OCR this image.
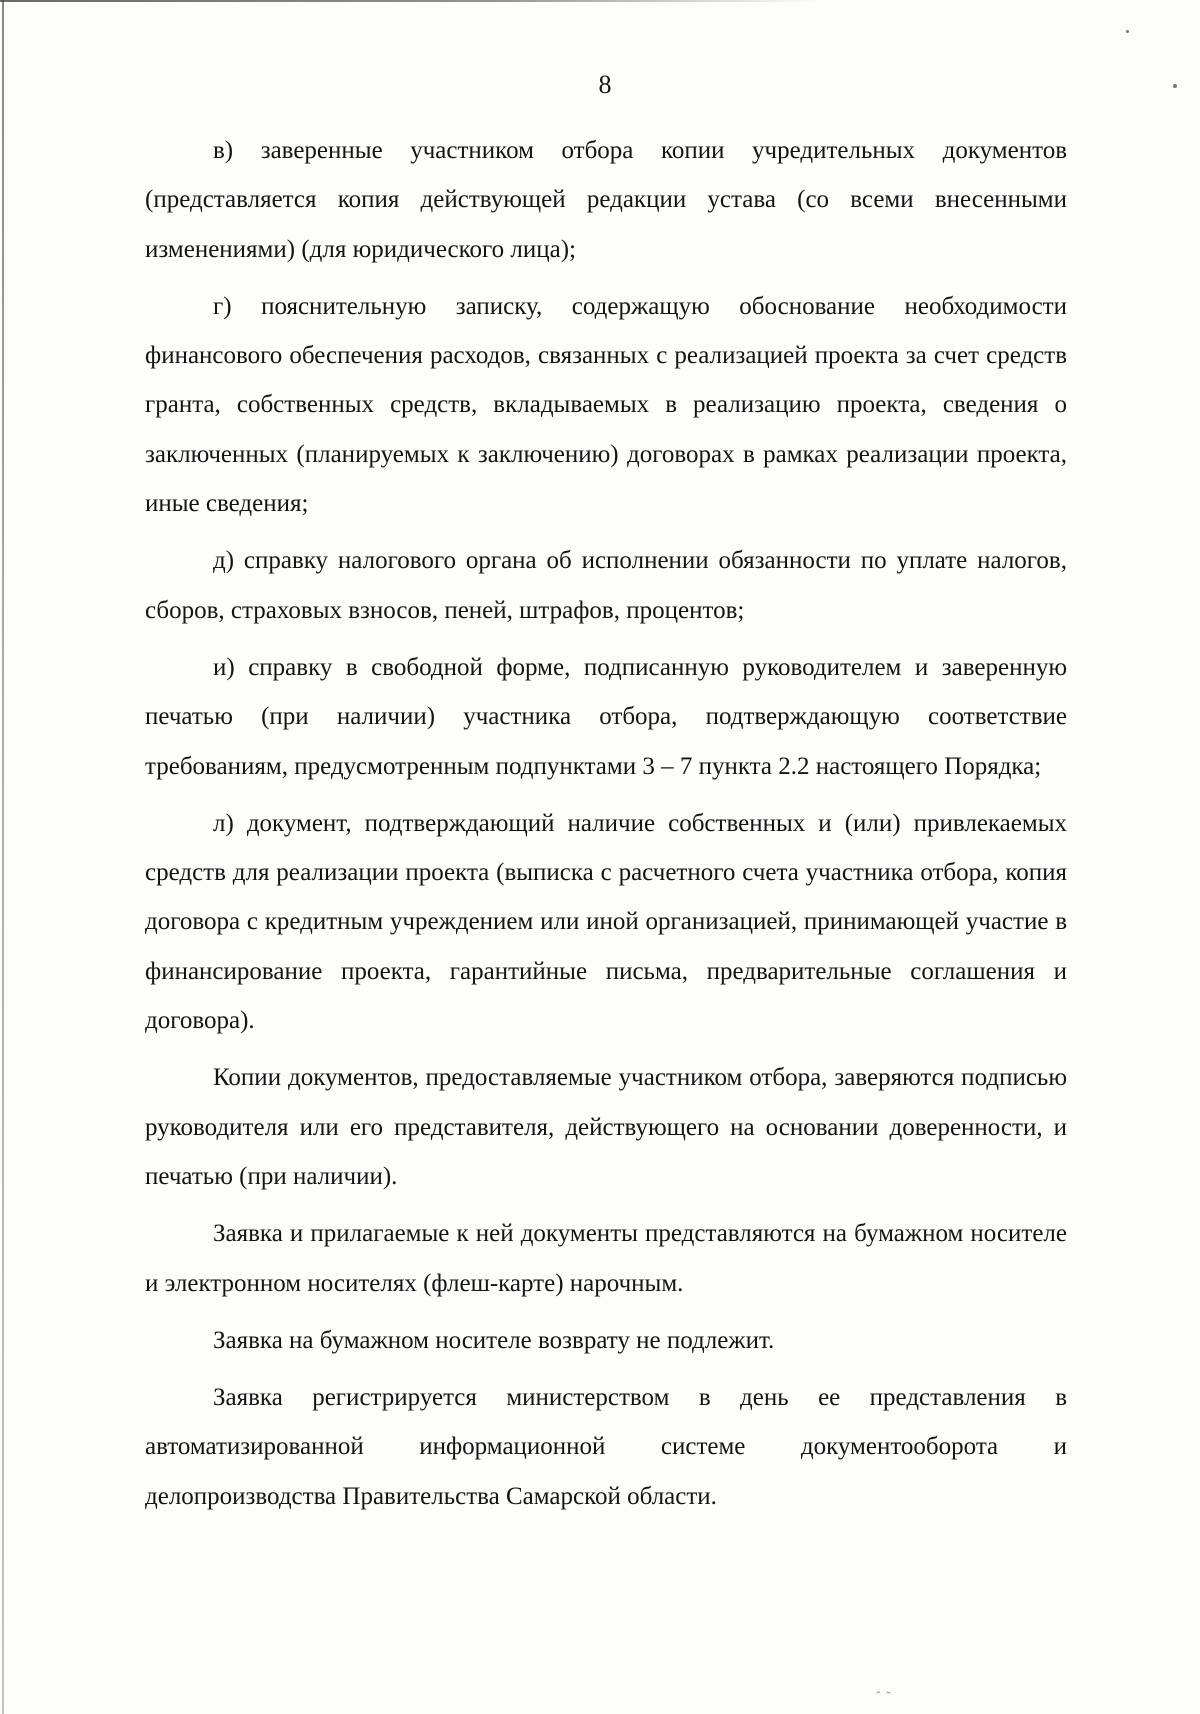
8

в) заверенные участником отбора копии учредительных документов (представляется копия действующей редакции устава (со всеми внесенными изменениями) (для юридического лица);

г) пояснительную записку, содержащую обоснование необходимости финансового обеспечения расходов, связанных с реализацией проекта за счет средств гранта, собственных средств, вкладываемых в реализацию проекта, сведения о заключенных (планируемых к заключению) договорах в рамках реализации проекта, иные сведения;

д) справку налогового органа об исполнении обязанности по уплате налогов, сборов, страховых взносов, пеней, штрафов, процентов;

и) справку в свободной форме, подписанную руководителем и заверенную печатью (при наличии) участника отбора, подтверждающую соответствие требованиям, предусмотренным подпунктами 3 – 7 пункта 2.2 настоящего Порядка;

л) документ, подтверждающий наличие собственных и (или) привлекаемых средств для реализации проекта (выписка с расчетного счета участника отбора, копия договора с кредитным учреждением или иной организацией, принимающей участие в финансирование проекта, гарантийные письма, предварительные соглашения и договора).

Копии документов, предоставляемые участником отбора, заверяются подписью руководителя или его представителя, действующего на основании доверенности, и печатью (при наличии).

Заявка и прилагаемые к ней документы представляются на бумажном носителе и электронном носителях (флеш-карте) нарочным.

Заявка на бумажном носителе возврату не подлежит.

Заявка регистрируется министерством в день ее представления в автоматизированной информационной системе документооборота и делопроизводства Правительства Самарской области.

ˆ ˜
